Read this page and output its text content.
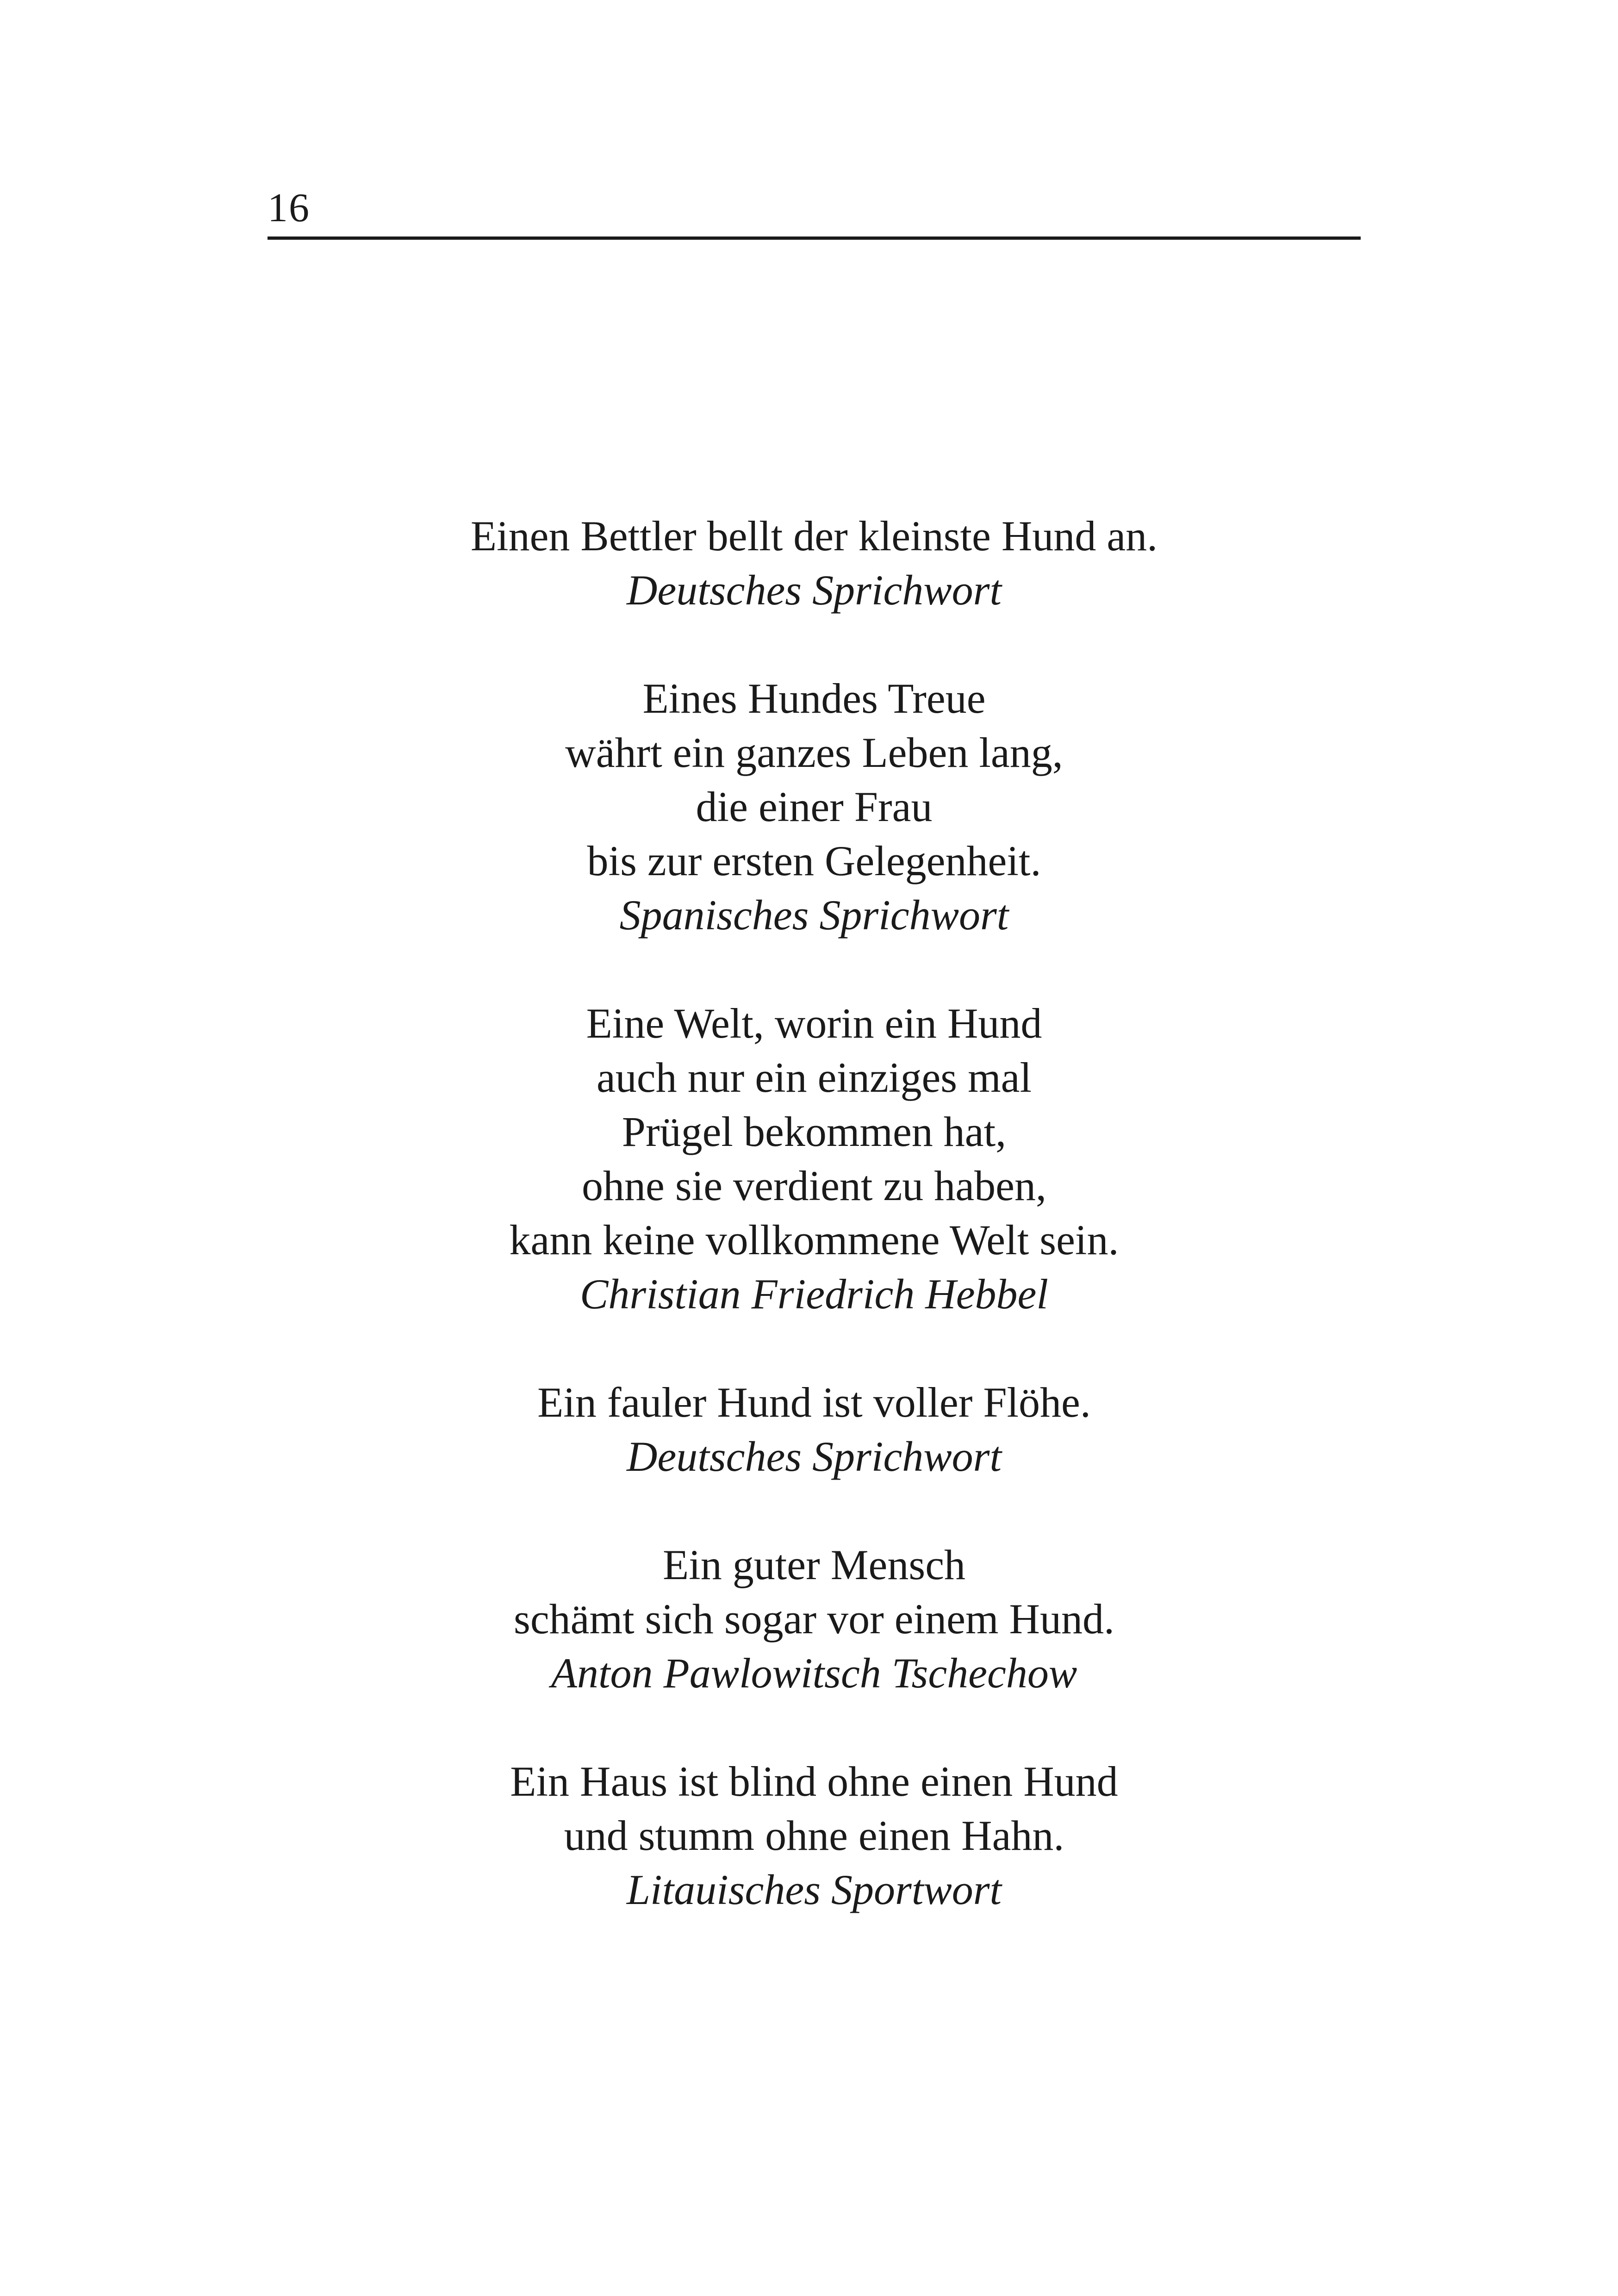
16
Einen Bettler bellt der kleinste Hund an.
Deutsches Sprichwort
Eines Hundes Treue
währt ein ganzes Leben lang,
die einer Frau
bis zur ersten Gelegenheit.
Spanisches Sprichwort
Eine Welt, worin ein Hund
auch nur ein einziges mal
Prügel bekommen hat,
ohne sie verdient zu haben,
kann keine vollkommene Welt sein.
Christian Friedrich Hebbel
Ein fauler Hund ist voller Flöhe.
Deutsches Sprichwort
Ein guter Mensch
schämt sich sogar vor einem Hund.
Anton Pawlowitsch Tschechow
Ein Haus ist blind ohne einen Hund
und stumm ohne einen Hahn.
Litauisches Sportwort
